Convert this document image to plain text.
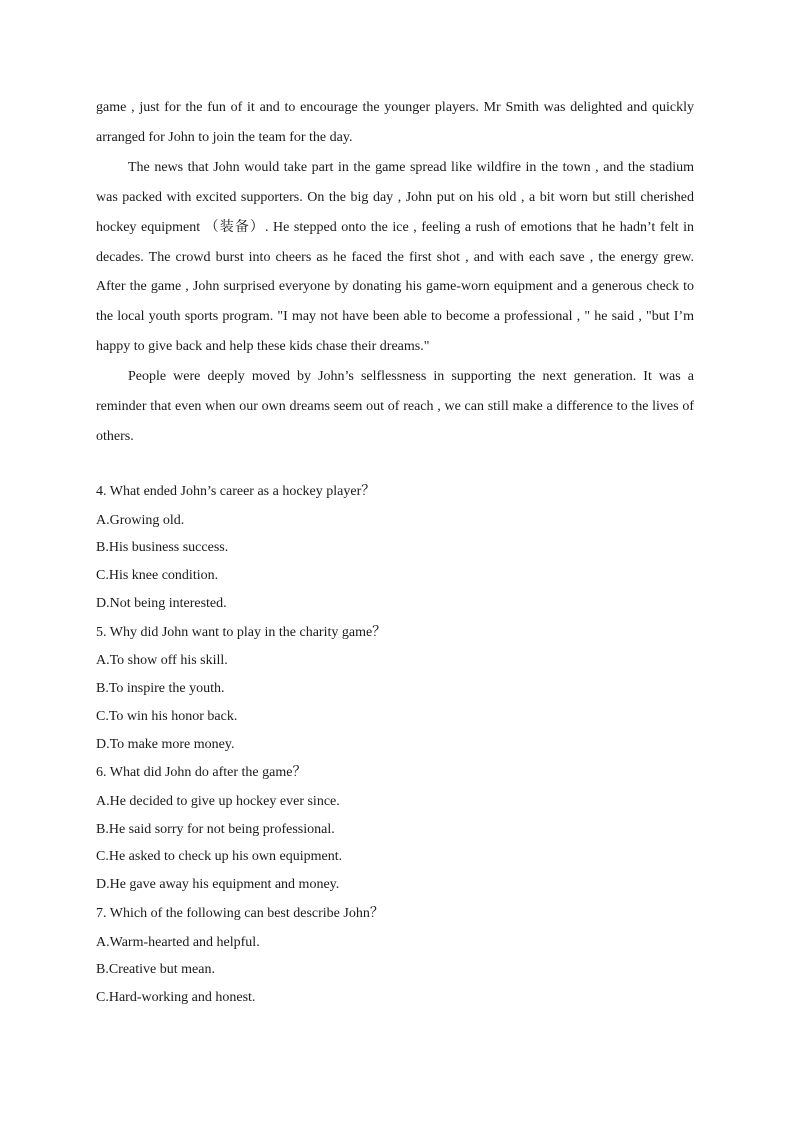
game , just for the fun of it and to encourage the younger players. Mr Smith was delighted and quickly arranged for John to join the team for the day.

The news that John would take part in the game spread like wildfire in the town , and the stadium was packed with excited supporters. On the big day , John put on his old , a bit worn but still cherished hockey equipment （装备）. He stepped onto the ice , feeling a rush of emotions that he hadn’t felt in decades. The crowd burst into cheers as he faced the first shot , and with each save , the energy grew. After the game , John surprised everyone by donating his game-worn equipment and a generous check to the local youth sports program. "I may not have been able to become a professional , " he said , "but I’m happy to give back and help these kids chase their dreams."

People were deeply moved by John’s selflessness in supporting the next generation. It was a reminder that even when our own dreams seem out of reach , we can still make a difference to the lives of others.

4. What ended John’s career as a hockey player？
A.Growing old.
B.His business success.
C.His knee condition.
D.Not being interested.
5. Why did John want to play in the charity game？
A.To show off his skill.
B.To inspire the youth.
C.To win his honor back.
D.To make more money.
6. What did John do after the game？
A.He decided to give up hockey ever since.
B.He said sorry for not being professional.
C.He asked to check up his own equipment.
D.He gave away his equipment and money.
7. Which of the following can best describe John？
A.Warm-hearted and helpful.
B.Creative but mean.
C.Hard-working and honest.
